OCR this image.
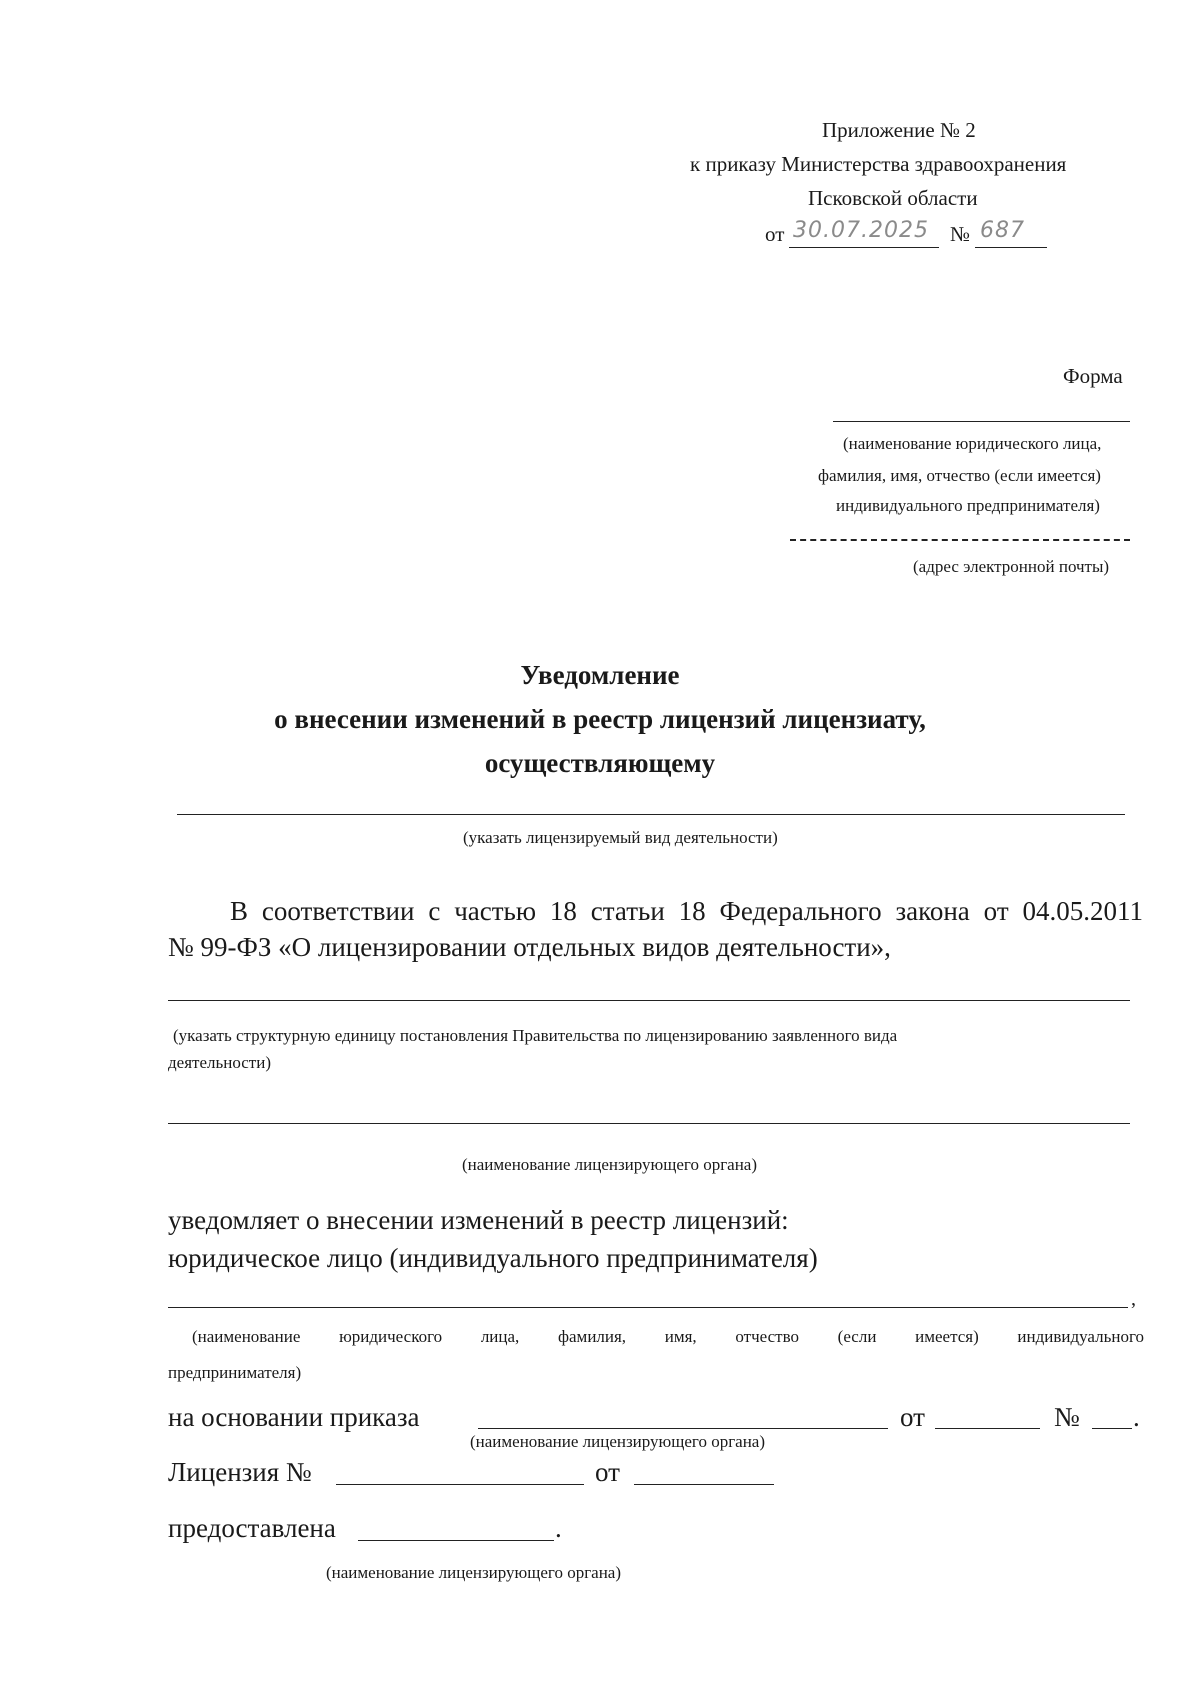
Приложение № 2
к приказу Министерства здравоохранения
Псковской области
от 30.07.2025 № 687
Форма
(наименование юридического лица,
фамилия, имя, отчество (если имеется)
индивидуального предпринимателя)
(адрес электронной почты)
Уведомление
о внесении изменений в реестр лицензий лицензиату,
осуществляющему
(указать лицензируемый вид деятельности)
В соответствии с частью 18 статьи 18 Федерального закона от 04.05.2011
№ 99-ФЗ «О лицензировании отдельных видов деятельности»,
(указать структурную единицу постановления Правительства по лицензированию заявленного вида
деятельности)
(наименование лицензирующего органа)
уведомляет о внесении изменений в реестр лицензий:
юридическое лицо (индивидуального предпринимателя)
,
(наименование юридического лица, фамилия, имя, отчество (если имеется) индивидуального
предпринимателя)
на основании приказа	от	№ .
(наименование лицензирующего органа)
Лицензия №	от
предоставлена	.
(наименование лицензирующего органа)
